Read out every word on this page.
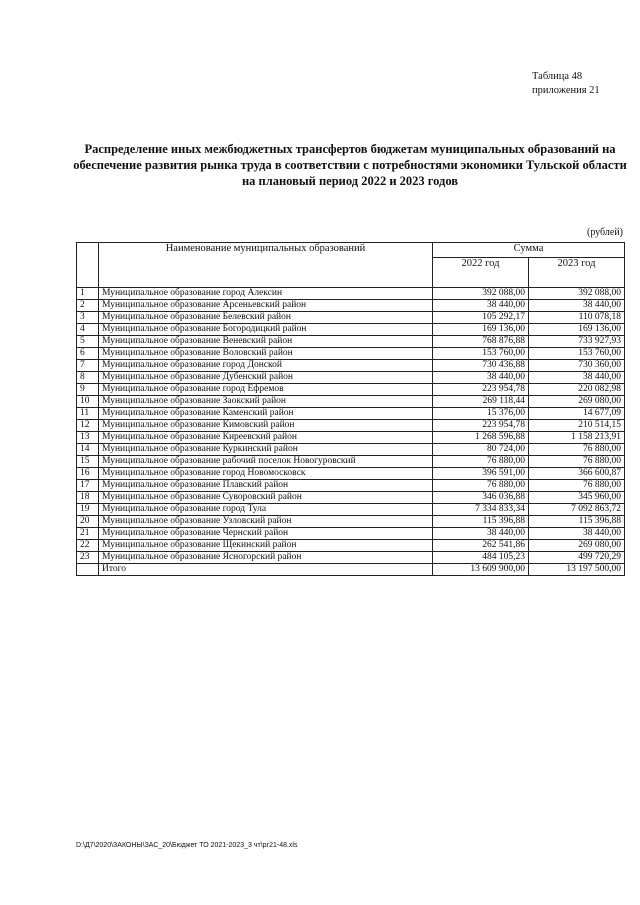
Таблица 48
приложения 21
Распределение иных межбюджетных трансфертов бюджетам муниципальных образований на обеспечение развития рынка труда в соответствии с потребностями экономики Тульской области на плановый период 2022 и 2023 годов
(рублей)
	Наименование муниципальных образований	Сумма	
		2022 год	2023 год
1	Муниципальное образование город Алексин	392 088,00	392 088,00
2	Муниципальное образование Арсеньевский район	38 440,00	38 440,00
3	Муниципальное образование Белевский район	105 292,17	110 078,18
4	Муниципальное образование Богородицкий район	169 136,00	169 136,00
5	Муниципальное образование Веневский район	768 876,88	733 927,93
6	Муниципальное образование Воловский район	153 760,00	153 760,00
7	Муниципальное образование город Донской	730 436,88	730 360,00
8	Муниципальное образование Дубенский район	38 440,00	38 440,00
9	Муниципальное образование город Ефремов	223 954,78	220 082,98
10	Муниципальное образование Заокский район	269 118,44	269 080,00
11	Муниципальное образование Каменский район	15 376,00	14 677,09
12	Муниципальное образование Кимовский район	223 954,78	210 514,15
13	Муниципальное образование Киреевский район	1 268 596,88	1 158 213,91
14	Муниципальное образование Куркинский район	80 724,00	76 880,00
15	Муниципальное образование рабочий поселок Новогуровский	76 880,00	76 880,00
16	Муниципальное образование город Новомосковск	396 591,00	366 600,87
17	Муниципальное образование Плавский район	76 880,00	76 880,00
18	Муниципальное образование Суворовский район	346 036,88	345 960,00
19	Муниципальное образование город Тула	7 334 833,34	7 092 863,72
20	Муниципальное образование Узловский район	115 396,88	115 396,88
21	Муниципальное образование Чернский район	38 440,00	38 440,00
22	Муниципальное образование Щекинский район	262 541,86	269 080,00
23	Муниципальное образование Ясногорский район	484 105,23	499 720,29
	Итого	13 609 900,00	13 197 500,00
D:\Д7\2020\ЗАКОНЫ\ЗАС_20\Бюджет ТО 2021-2023_3 чт\рг21-48.xls
